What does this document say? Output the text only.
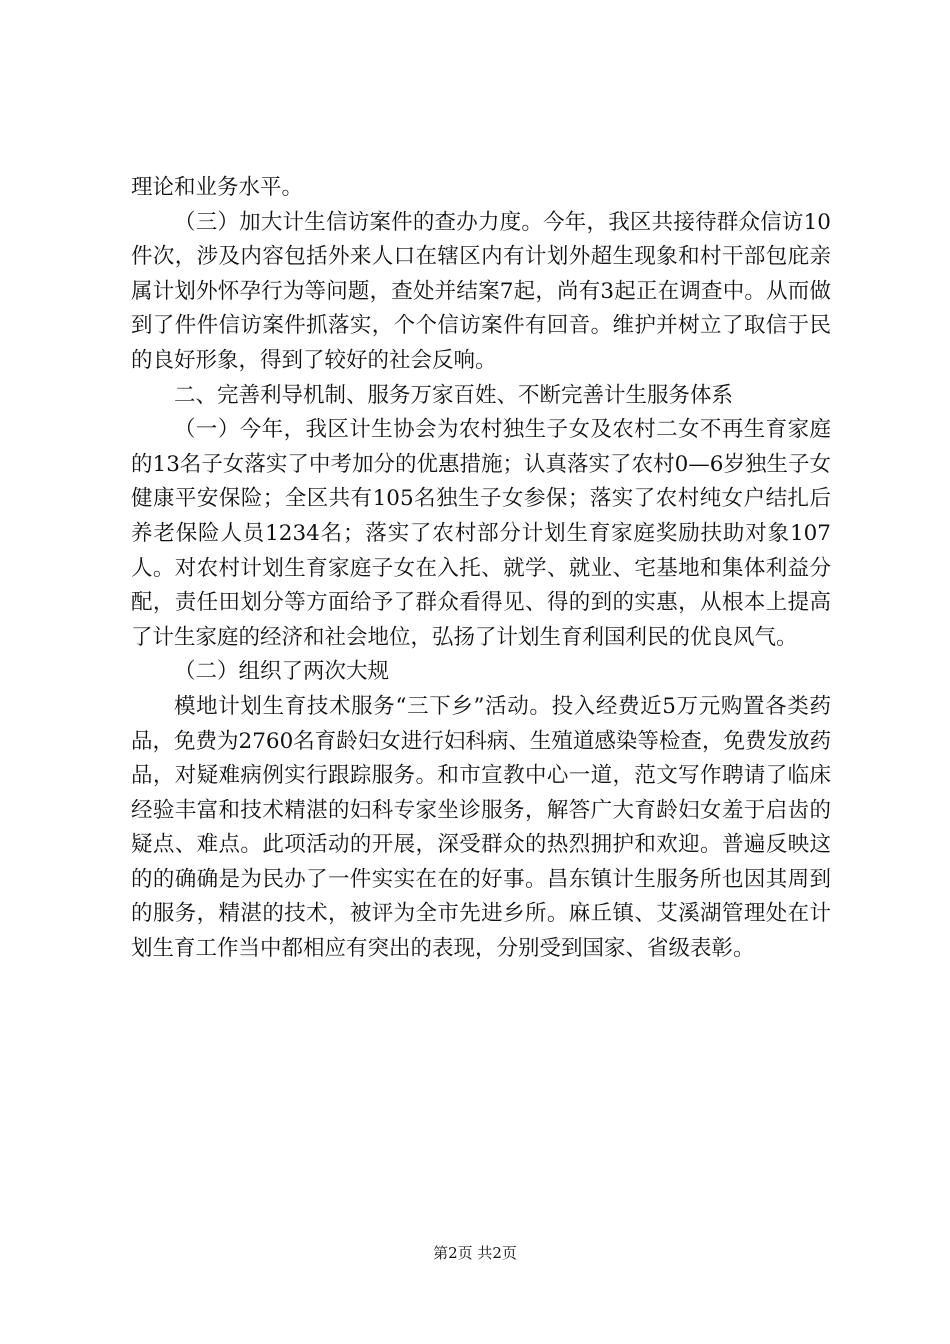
理论和业务水平。

（三）加大计生信访案件的查办力度。今年，我区共接待群众信访10件次，涉及内容包括外来人口在辖区内有计划外超生现象和村干部包庇亲属计划外怀孕行为等问题，查处并结案7起，尚有3起正在调查中。从而做到了件件信访案件抓落实，个个信访案件有回音。维护并树立了取信于民的良好形象，得到了较好的社会反响。

二、完善利导机制、服务万家百姓、不断完善计生服务体系

（一）今年，我区计生协会为农村独生子女及农村二女不再生育家庭的13名子女落实了中考加分的优惠措施；认真落实了农村0—6岁独生子女健康平安保险；全区共有105名独生子女参保；落实了农村纯女户结扎后养老保险人员1234名；落实了农村部分计划生育家庭奖励扶助对象107人。对农村计划生育家庭子女在入托、就学、就业、宅基地和集体利益分配，责任田划分等方面给予了群众看得见、得的到的实惠，从根本上提高了计生家庭的经济和社会地位，弘扬了计划生育利国利民的优良风气。

（二）组织了两次大规

模地计划生育技术服务“三下乡”活动。投入经费近5万元购置各类药品，免费为2760名育龄妇女进行妇科病、生殖道感染等检查，免费发放药品，对疑难病例实行跟踪服务。和市宣教中心一道，范文写作聘请了临床经验丰富和技术精湛的妇科专家坐诊服务，解答广大育龄妇女羞于启齿的疑点、难点。此项活动的开展，深受群众的热烈拥护和欢迎。普遍反映这的的确确是为民办了一件实实在在的好事。昌东镇计生服务所也因其周到的服务，精湛的技术，被评为全市先进乡所。麻丘镇、艾溪湖管理处在计划生育工作当中都相应有突出的表现，分别受到国家、省级表彰。

第2页 共2页
